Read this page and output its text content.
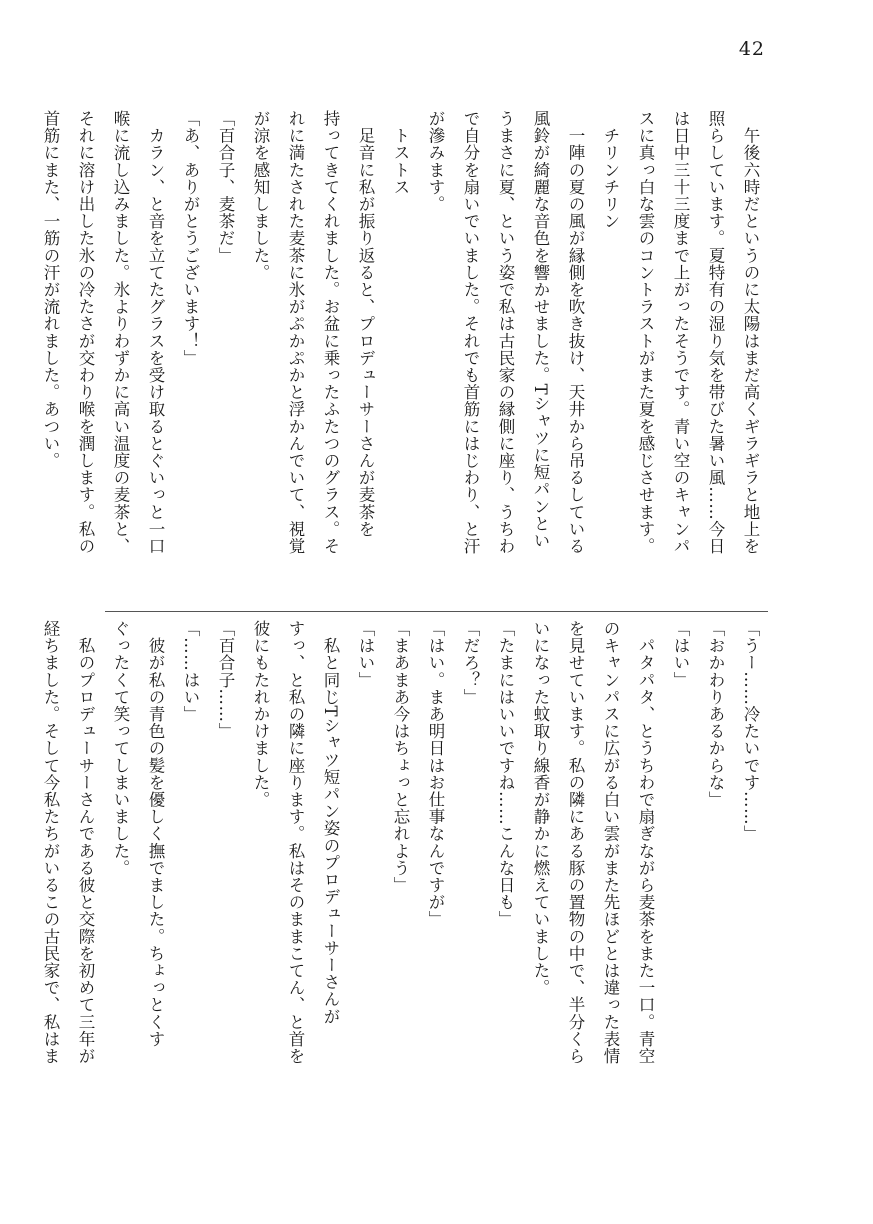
42

　午後六時だというのに太陽はまだ高くギラギラと地上を

照らしています。夏特有の湿り気を帯びた暑い風……今日

は日中三十三度まで上がったそうです。青い空のキャンパ

スに真っ白な雲のコントラストがまた夏を感じさせます。

　チリンチリン

　一陣の夏の風が縁側を吹き抜け、天井から吊るしている

風鈴が綺麗な音色を響かせました。Tシャツに短パンとい

うまさに夏、という姿で私は古民家の縁側に座り、うちわ

で自分を扇いでいました。それでも首筋にはじわり、と汗

が滲みます。

　トストス

　足音に私が振り返ると、プロデューサーさんが麦茶を

持ってきてくれました。お盆に乗ったふたつのグラス。そ

れに満たされた麦茶に氷がぷかぷかと浮かんでいて、視覚

が涼を感知しました。

「百合子、麦茶だ」

「あ、ありがとうございます！」

　カラン、と音を立てたグラスを受け取るとぐいっと一口

喉に流し込みました。氷よりわずかに高い温度の麦茶と、

それに溶け出した氷の冷たさが交わり喉を潤します。私の

首筋にまた、一筋の汗が流れました。あつい。

「うー……冷たいです……」

「おかわりあるからな」

「はい」

　パタパタ、とうちわで扇ぎながら麦茶をまた一口。青空

のキャンパスに広がる白い雲がまた先ほどとは違った表情

を見せています。私の隣にある豚の置物の中で、半分くら

いになった蚊取り線香が静かに燃えていました。

「たまにはいいですね……こんな日も」

「だろ？」

「はい。まあ明日はお仕事なんですが」

「まあまあ今はちょっと忘れよう」

「はい」

　私と同じTシャツ短パン姿のプロデューサーさんが

すっ、と私の隣に座ります。私はそのままこてん、と首を

彼にもたれかけました。

「百合子……」

「……はい」

　彼が私の青色の髪を優しく撫でました。ちょっとくす

ぐったくて笑ってしまいました。

　私のプロデューサーさんである彼と交際を初めて三年が

経ちました。そして今私たちがいるこの古民家で、私はま
